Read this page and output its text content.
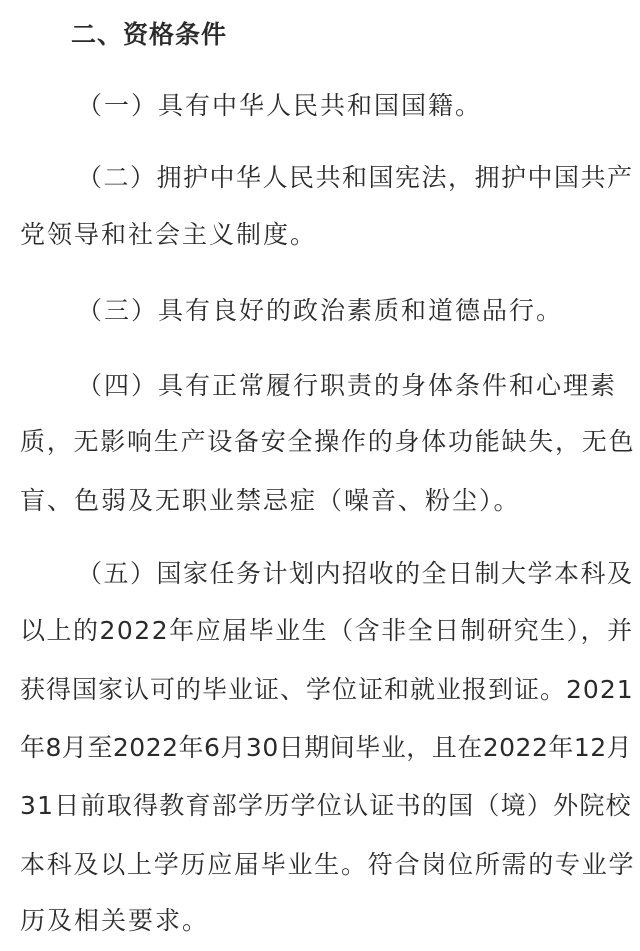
二、资格条件

（一）具有中华人民共和国国籍。

（二）拥护中华人民共和国宪法，拥护中国共产

党领导和社会主义制度。

（三）具有良好的政治素质和道德品行。

（四）具有正常履行职责的身体条件和心理素

质，无影响生产设备安全操作的身体功能缺失，无色

盲、色弱及无职业禁忌症（噪音、粉尘）。

（五）国家任务计划内招收的全日制大学本科及

以上的2022年应届毕业生（含非全日制研究生），并

获得国家认可的毕业证、学位证和就业报到证。2021

年8月至2022年6月30日期间毕业，且在2022年12月

31日前取得教育部学历学位认证书的国（境）外院校

本科及以上学历应届毕业生。符合岗位所需的专业学

历及相关要求。
